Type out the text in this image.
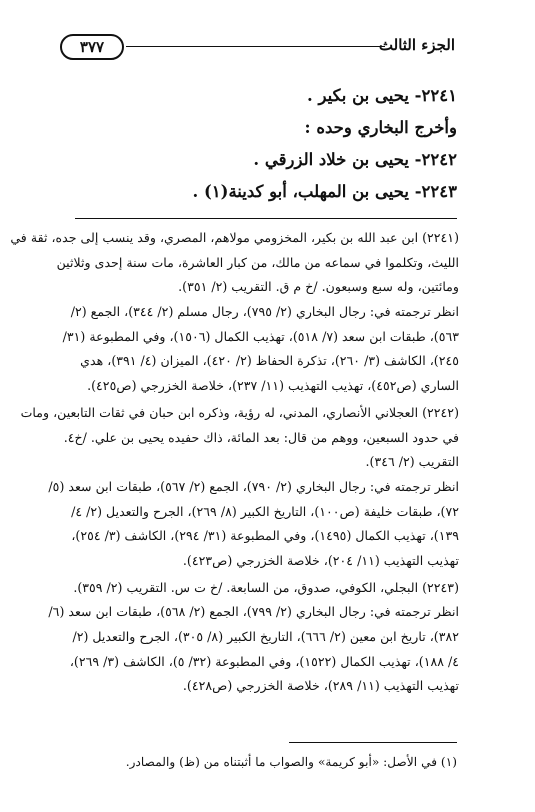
الجزء الثالث
٣٧٧
٢٢٤١- يحيى بن بكير .
وأخرج البخاري وحده :
٢٢٤٢- يحيى بن خلاد الزرقي .
٢٢٤٣- يحيى بن المهلب، أبو كدينة(١) .
(٢٢٤١) ابن عبد الله بن بكير، المخزومي مولاهم، المصري، وقد ينسب إلى جده، ثقة في
الليث، وتكلموا في سماعه من مالك، من كبار العاشرة، مات سنة إحدى وثلاثين
ومائتين، وله سبع وسبعون. /خ م ق. التقريب (٢/ ٣٥١).
انظر ترجمته في: رجال البخاري (٢/ ٧٩٥)، رجال مسلم (٢/ ٣٤٤)، الجمع (٢/
٥٦٣)، طبقات ابن سعد (٧/ ٥١٨)، تهذيب الكمال (١٥٠٦)، وفي المطبوعة (٣١/
٢٤٥)، الكاشف (٣/ ٢٦٠)، تذكرة الحفاظ (٢/ ٤٢٠)، الميزان (٤/ ٣٩١)، هدي
الساري (ص٤٥٢)، تهذيب التهذيب (١١/ ٢٣٧)، خلاصة الخزرجي (ص٤٢٥).
(٢٢٤٢) العجلاني الأنصاري، المدني، له رؤية، وذكره ابن حبان في ثقات التابعين، ومات
في حدود السبعين، ووهم من قال: بعد المائة، ذاك حفيده يحيى بن علي. /خ٤.
التقريب (٢/ ٣٤٦).
انظر ترجمته في: رجال البخاري (٢/ ٧٩٠)، الجمع (٢/ ٥٦٧)، طبقات ابن سعد (٥/
٧٢)، طبقات خليفة (ص١٠٠)، التاريخ الكبير (٨/ ٢٦٩)، الجرح والتعديل (٢/ ٤/
١٣٩)، تهذيب الكمال (١٤٩٥)، وفي المطبوعة (٣١/ ٢٩٤)، الكاشف (٣/ ٢٥٤)،
تهذيب التهذيب (١١/ ٢٠٤)، خلاصة الخزرجي (ص٤٢٣).
(٢٢٤٣) البجلي، الكوفي، صدوق، من السابعة. /خ ت س. التقريب (٢/ ٣٥٩).
انظر ترجمته في: رجال البخاري (٢/ ٧٩٩)، الجمع (٢/ ٥٦٨)، طبقات ابن سعد (٦/
٣٨٢)، تاريخ ابن معين (٢/ ٦٦٦)، التاريخ الكبير (٨/ ٣٠٥)، الجرح والتعديل (٢/
٤/ ١٨٨)، تهذيب الكمال (١٥٢٢)، وفي المطبوعة (٣٢/ ٥)، الكاشف (٣/ ٢٦٩)،
تهذيب التهذيب (١١/ ٢٨٩)، خلاصة الخزرجي (ص٤٢٨).
(١) في الأصل: «أبو كريمة» والصواب ما أثبتناه من (ظ) والمصادر.
